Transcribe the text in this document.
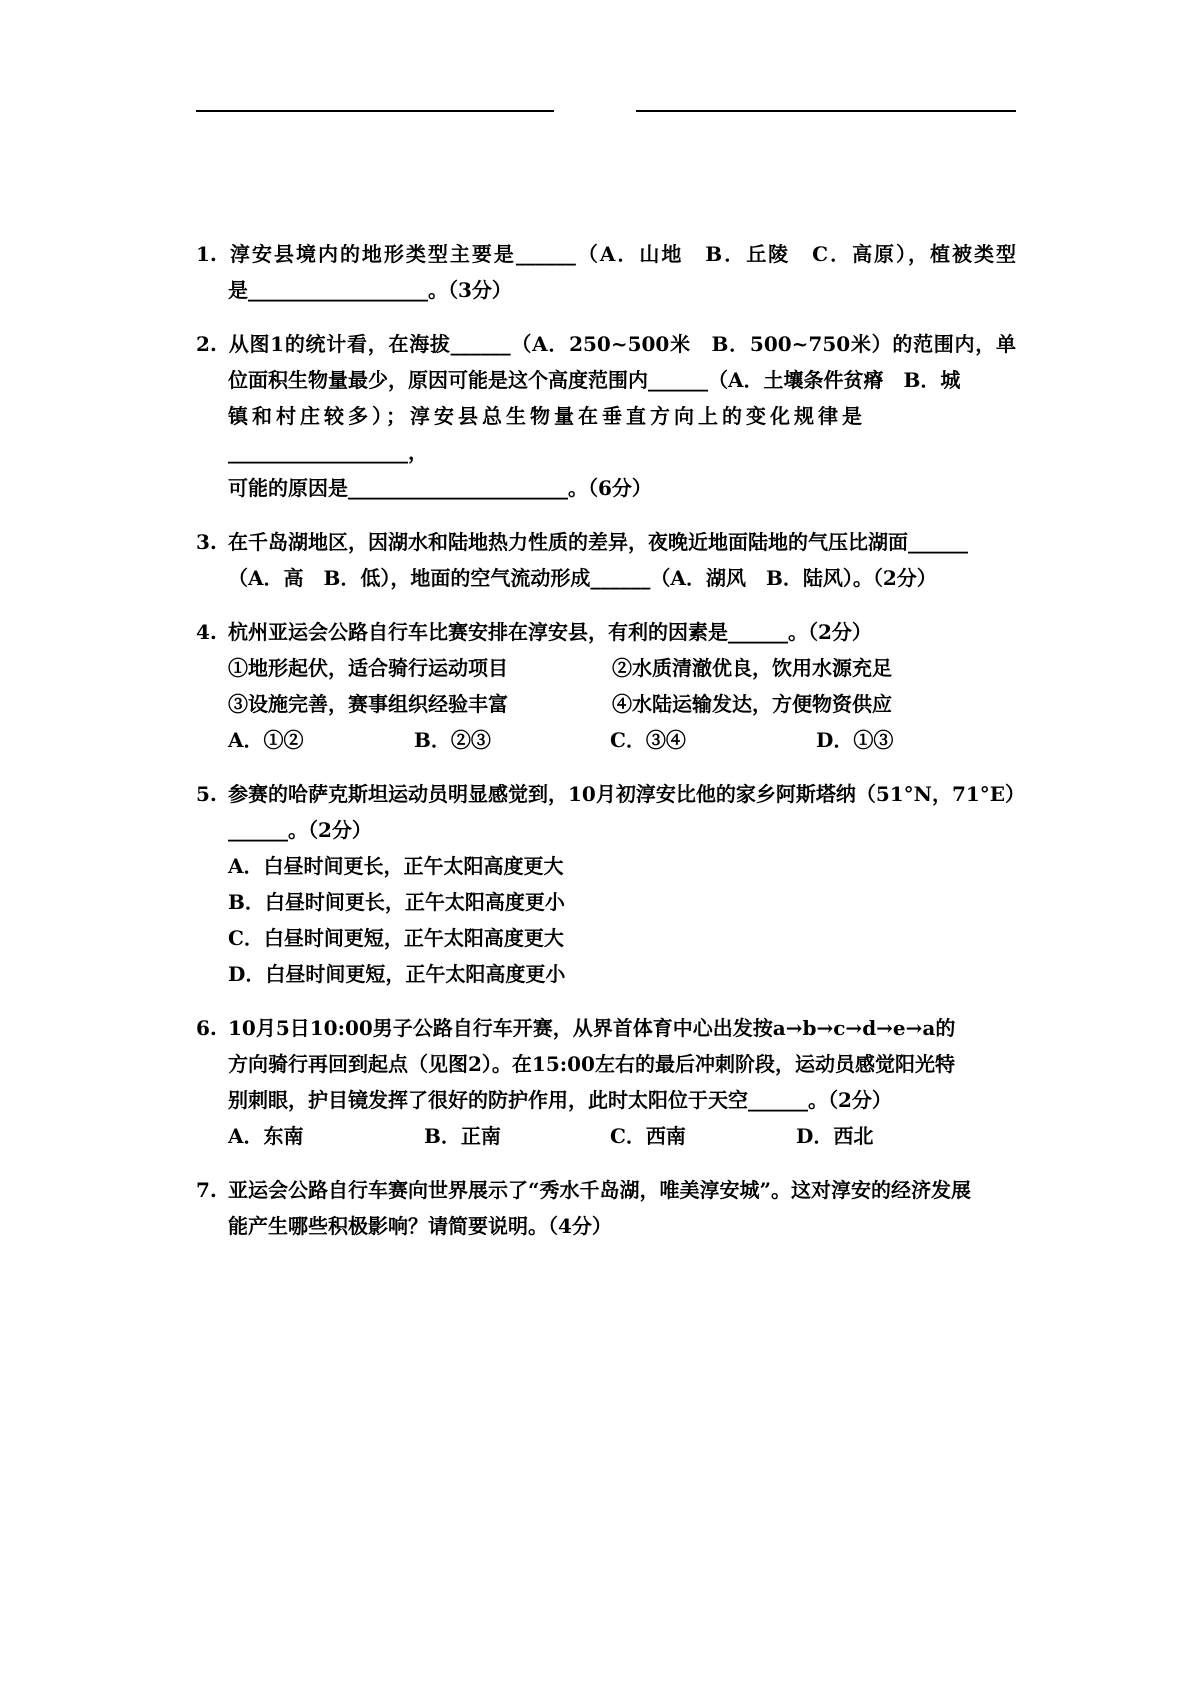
1. 淳安县境内的地形类型主要是______（A．山地　B．丘陵　C．高原），植被类型
是__________________。（3分）
2. 从图1的统计看，在海拔______（A．250~500米　B．500~750米）的范围内，单
位面积生物量最少，原因可能是这个高度范围内______（A．土壤条件贫瘠　B．城
镇和村庄较多）；淳安县总生物量在垂直方向上的变化规律是
__________________，
可能的原因是______________________。（6分）
3. 在千岛湖地区，因湖水和陆地热力性质的差异，夜晚近地面陆地的气压比湖面______
（A．高　B．低），地面的空气流动形成______（A．湖风　B．陆风）。（2分）
4. 杭州亚运会公路自行车比赛安排在淳安县，有利的因素是______。（2分）
①地形起伏，适合骑行运动项目	②水质清澈优良，饮用水源充足
③设施完善，赛事组织经验丰富	④水陆运输发达，方便物资供应
A．①②	B．②③	C．③④	D．①③
5. 参赛的哈萨克斯坦运动员明显感觉到，10月初淳安比他的家乡阿斯塔纳（51°N，71°E）
______。（2分）
A．白昼时间更长，正午太阳高度更大
B．白昼时间更长，正午太阳高度更小
C．白昼时间更短，正午太阳高度更大
D．白昼时间更短，正午太阳高度更小
6. 10月5日10:00男子公路自行车开赛，从界首体育中心出发按a→b→c→d→e→a的
方向骑行再回到起点（见图2）。在15:00左右的最后冲刺阶段，运动员感觉阳光特
别刺眼，护目镜发挥了很好的防护作用，此时太阳位于天空______。（2分）
A．东南	B．正南	C．西南	D．西北
7. 亚运会公路自行车赛向世界展示了“秀水千岛湖，唯美淳安城”。这对淳安的经济发展
能产生哪些积极影响？请简要说明。（4分）
